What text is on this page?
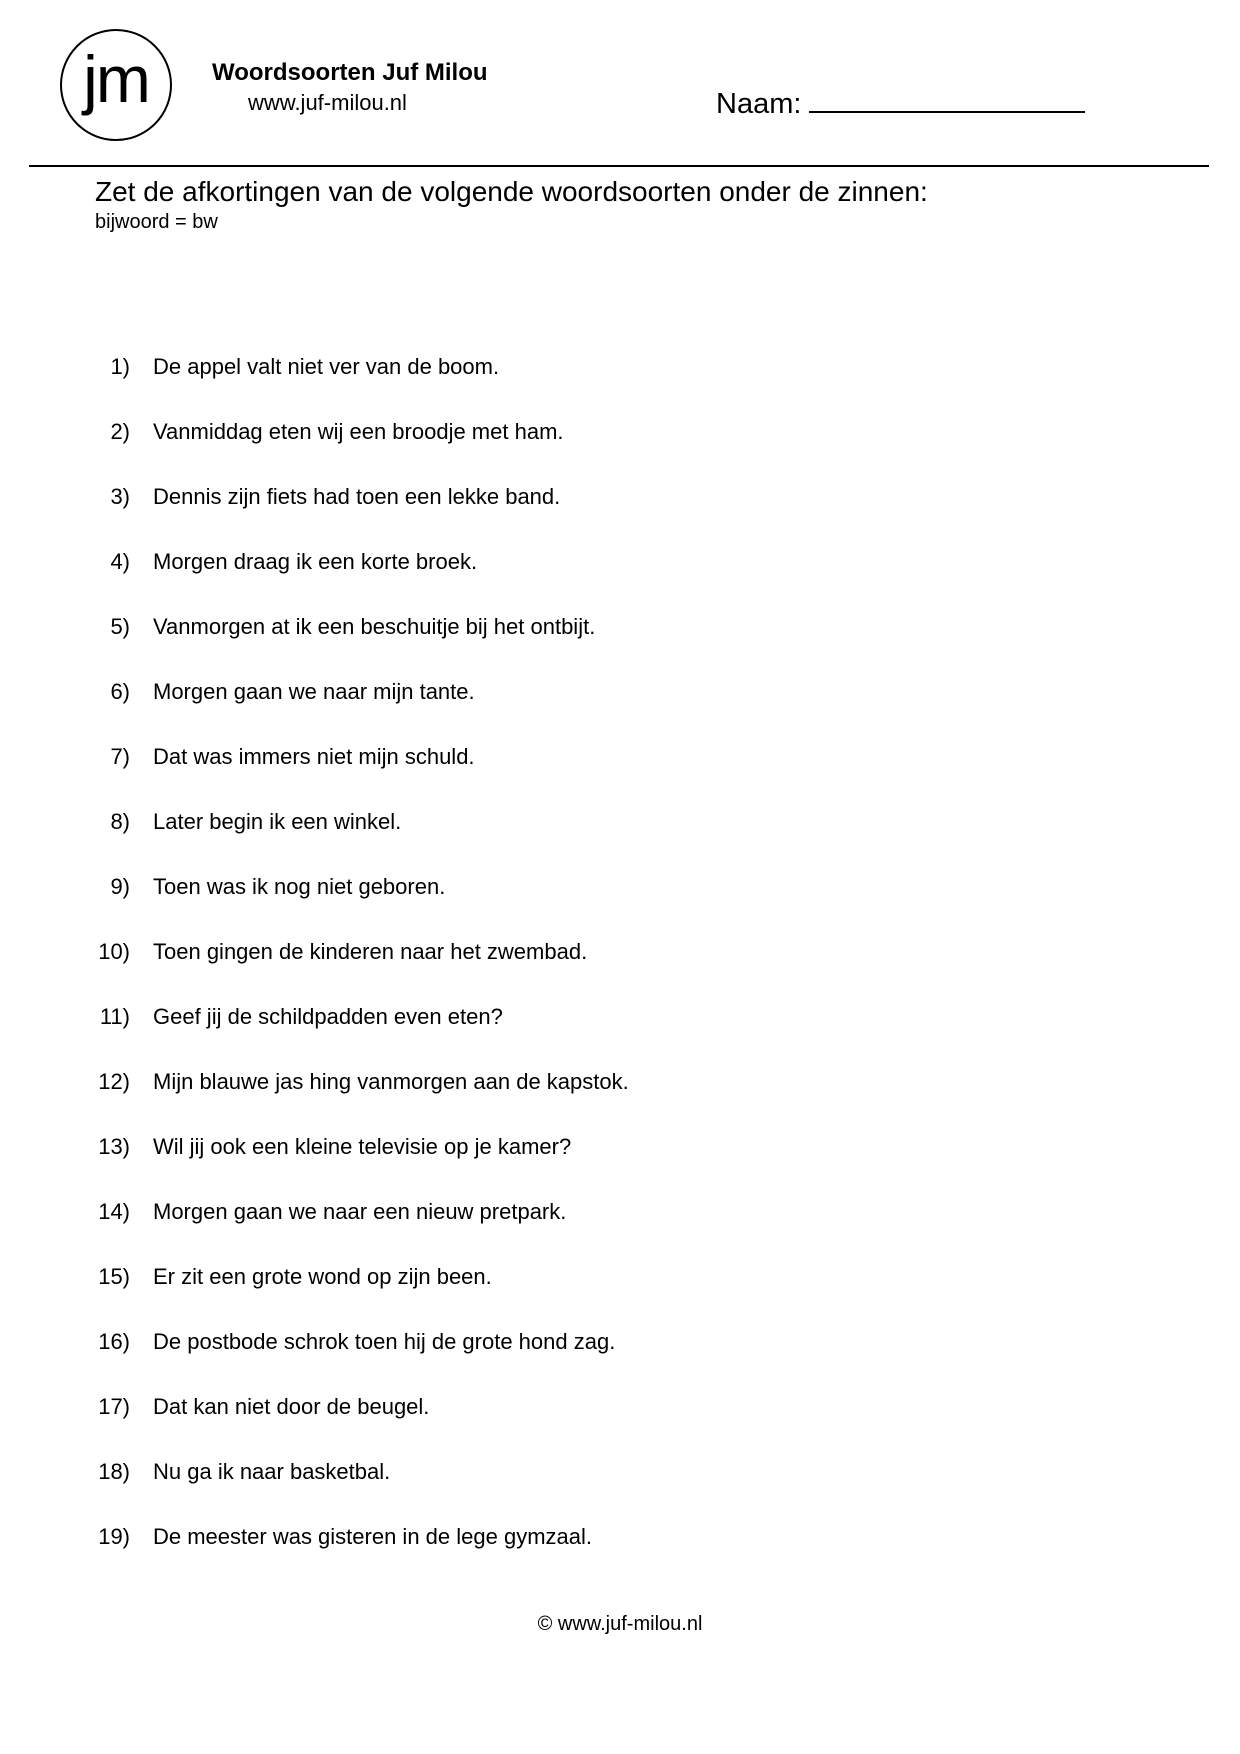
jm	Woordsoorten Juf Milou
www.juf-milou.nl	Naam:
Zet de afkortingen van de volgende woordsoorten onder de zinnen:
bijwoord = bw
1) De appel valt niet ver van de boom.
2) Vanmiddag eten wij een broodje met ham.
3) Dennis zijn fiets had toen een lekke band.
4) Morgen draag ik een korte broek.
5) Vanmorgen at ik een beschuitje bij het ontbijt.
6) Morgen gaan we naar mijn tante.
7) Dat was immers niet mijn schuld.
8) Later begin ik een winkel.
9) Toen was ik nog niet geboren.
10) Toen gingen de kinderen naar het zwembad.
11) Geef jij de schildpadden even eten?
12) Mijn blauwe jas hing vanmorgen aan de kapstok.
13) Wil jij ook een kleine televisie op je kamer?
14) Morgen gaan we naar een nieuw pretpark.
15) Er zit een grote wond op zijn been.
16) De postbode schrok toen hij de grote hond zag.
17) Dat kan niet door de beugel.
18) Nu ga ik naar basketbal.
19) De meester was gisteren in de lege gymzaal.
© www.juf-milou.nl
